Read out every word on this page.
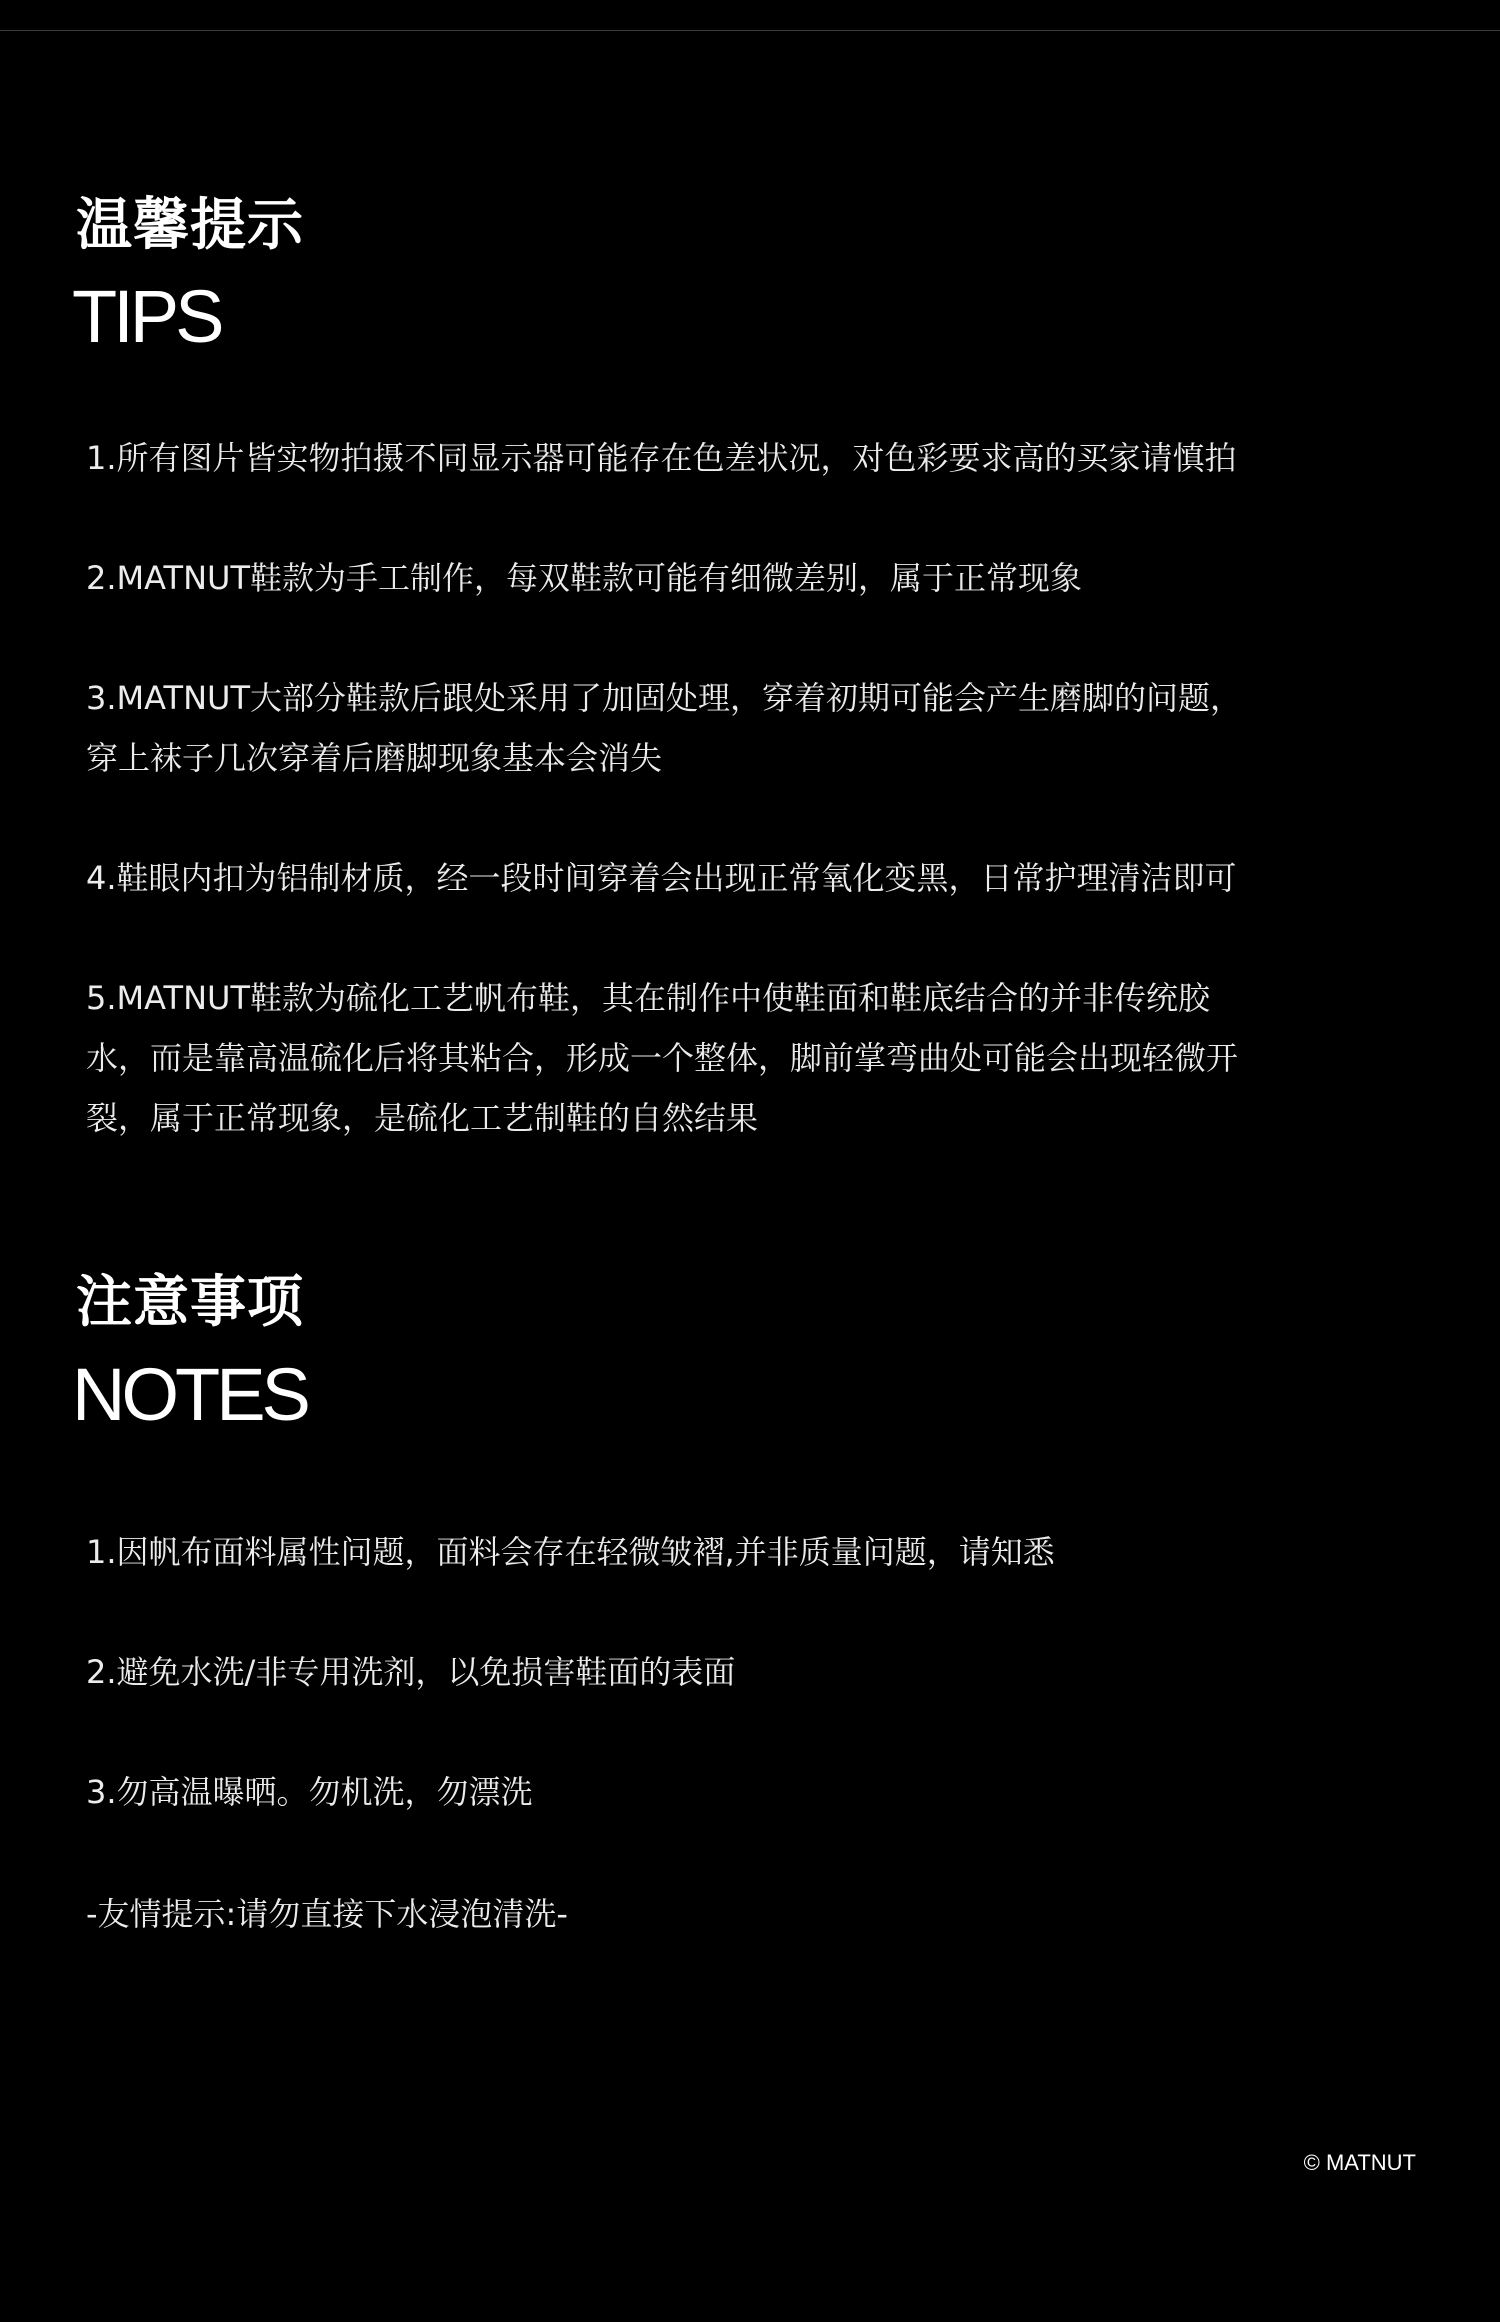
温馨提示
TIPS

1.所有图片皆实物拍摄不同显示器可能存在色差状况，对色彩要求高的买家请慎拍

2.MATNUT鞋款为手工制作，每双鞋款可能有细微差别，属于正常现象

3.MATNUT大部分鞋款后跟处采用了加固处理，穿着初期可能会产生磨脚的问题，

穿上袜子几次穿着后磨脚现象基本会消失

4.鞋眼内扣为铝制材质，经一段时间穿着会出现正常氧化变黑，日常护理清洁即可

5.MATNUT鞋款为硫化工艺帆布鞋，其在制作中使鞋面和鞋底结合的并非传统胶

水，而是靠高温硫化后将其粘合，形成一个整体，脚前掌弯曲处可能会出现轻微开

裂，属于正常现象，是硫化工艺制鞋的自然结果

注意事项
NOTES

1.因帆布面料属性问题，面料会存在轻微皱褶,并非质量问题，请知悉

2.避免水洗/非专用洗剂，以免损害鞋面的表面

3.勿高温曝晒。勿机洗，勿漂洗

-友情提示:请勿直接下水浸泡清洗-

© MATNUT
